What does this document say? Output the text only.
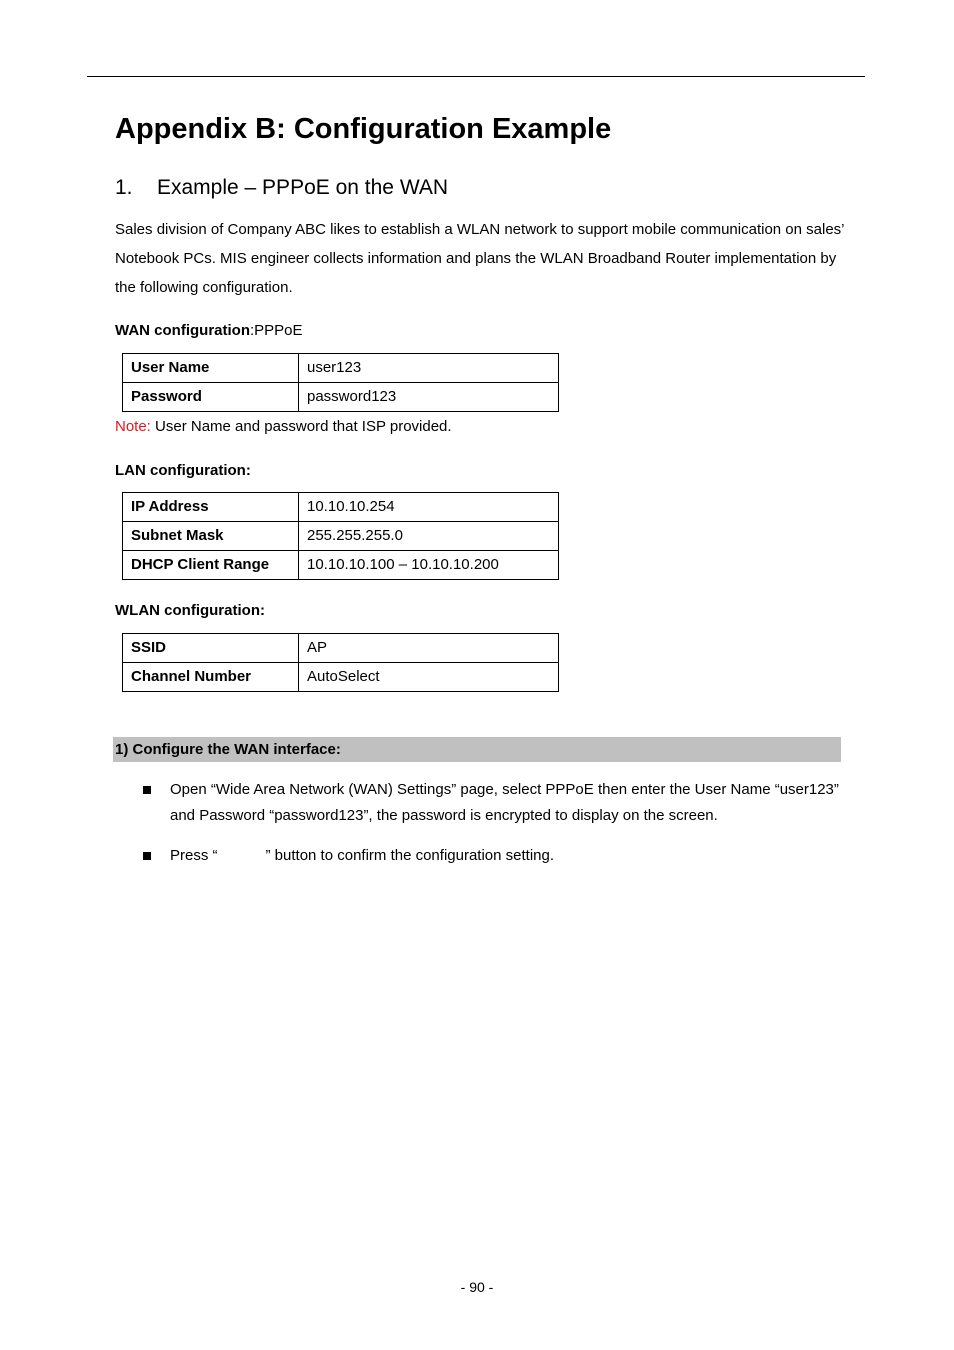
Appendix B: Configuration Example
1. Example – PPPoE on the WAN

Sales division of Company ABC likes to establish a WLAN network to support mobile communication on sales’ Notebook PCs. MIS engineer collects information and plans the WLAN Broadband Router implementation by the following configuration.

WAN configuration:PPPoE

User Name	user123
Password	password123

Note: User Name and password that ISP provided.

LAN configuration:

IP Address	10.10.10.254
Subnet Mask	255.255.255.0
DHCP Client Range	10.10.10.100 – 10.10.10.200

WLAN configuration:

SSID	AP
Channel Number	AutoSelect
1) Configure the WAN interface:
Open “Wide Area Network (WAN) Settings” page, select PPPoE then enter the User Name “user123” and Password “password123”, the password is encrypted to display on the screen.
Press “	” button to confirm the configuration setting.
- 90 -
